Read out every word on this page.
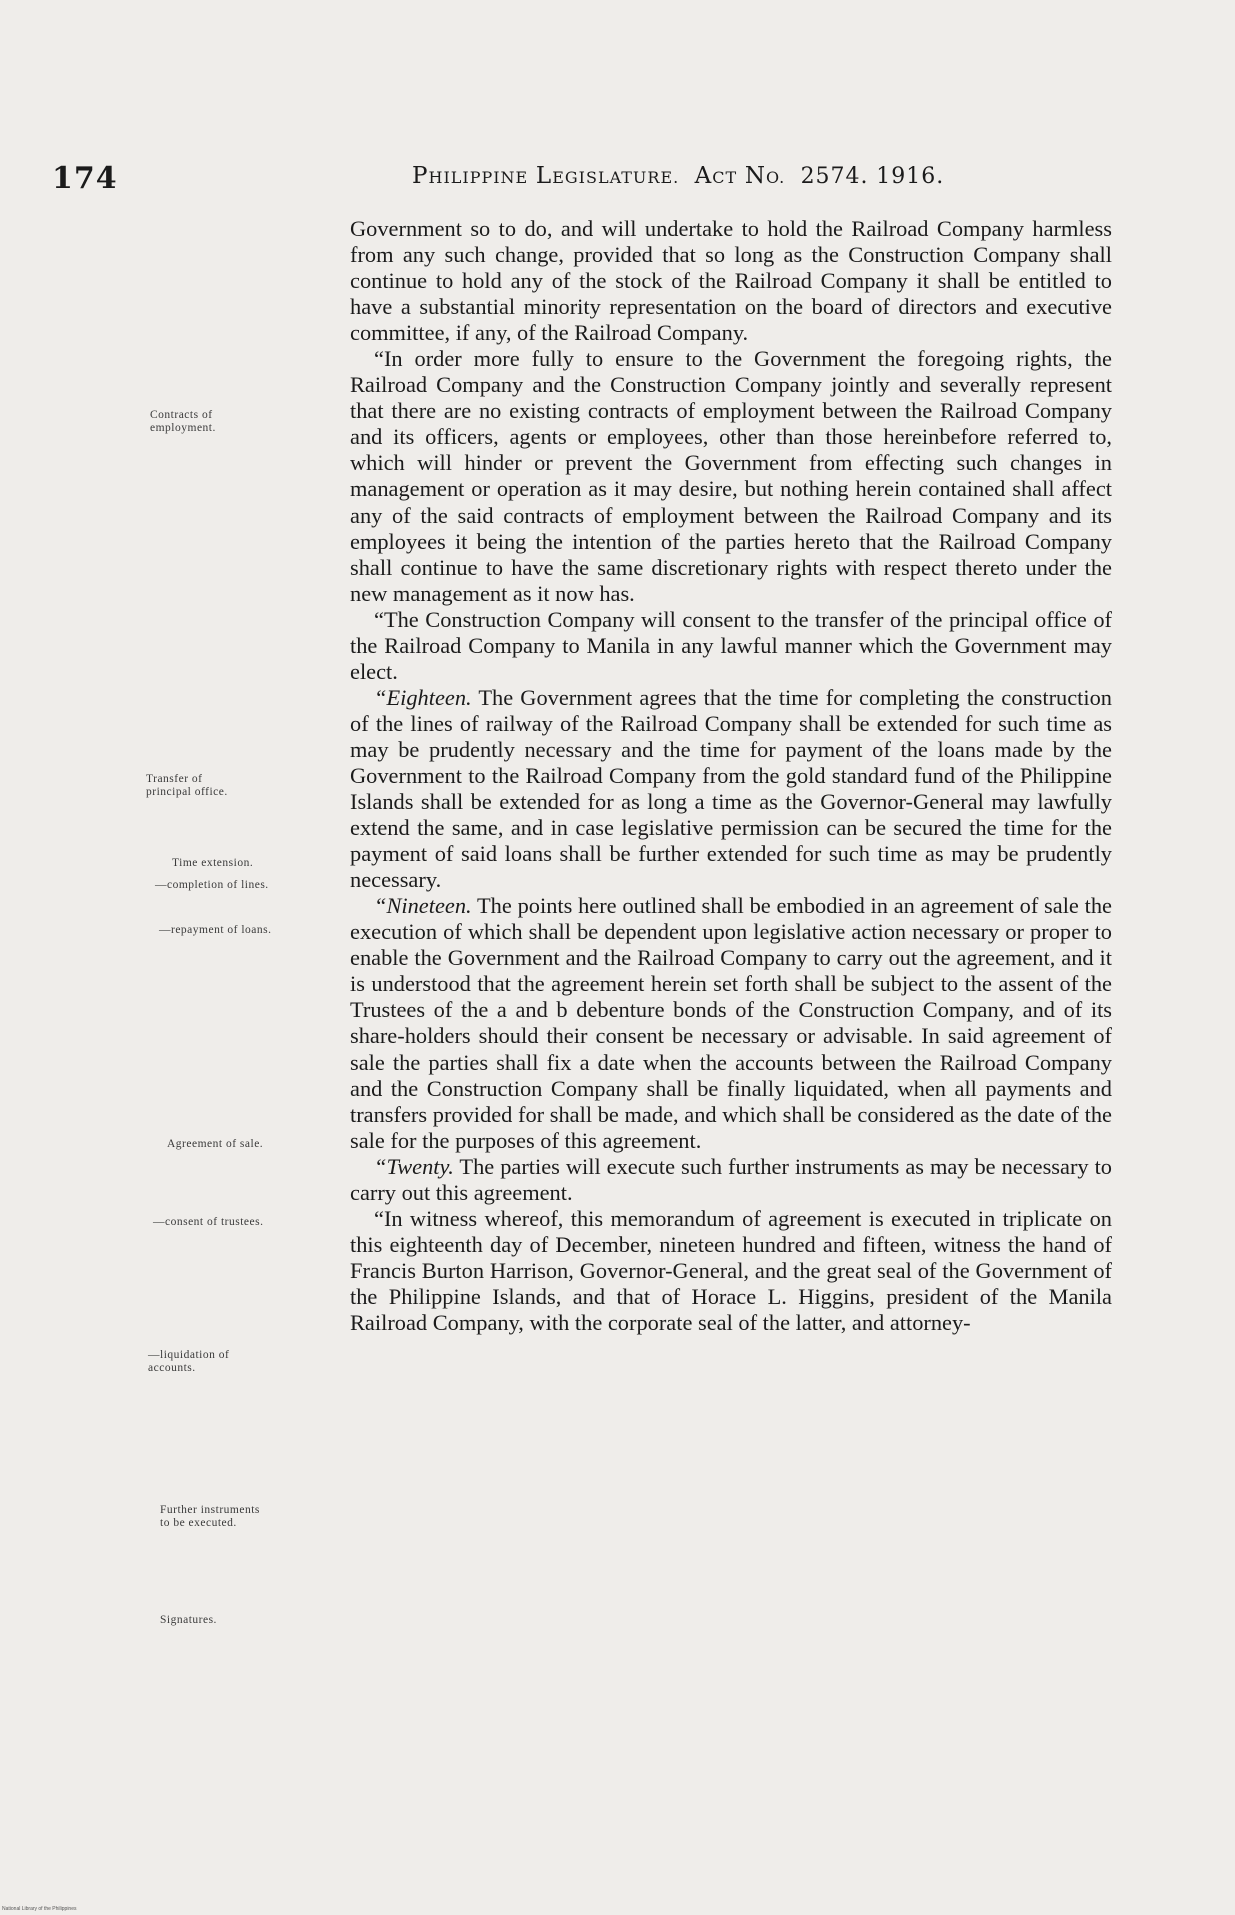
174	PHILIPPINE LEGISLATURE. ACT NO. 2574. 1916.

Government so to do, and will undertake to hold the Railroad Company harmless from any such change, provided that so long as the Construction Company shall continue to hold any of the stock of the Railroad Company it shall be entitled to have a substantial minority representation on the board of directors and executive committee, if any, of the Railroad Company.

“In order more fully to ensure to the Government the foregoing rights, the Railroad Company and the Construction Company jointly and severally represent that there are no existing contracts of employment between the Railroad Company and its officers, agents or employees, other than those hereinbefore referred to, which will hinder or prevent the Government from effecting such changes in management or operation as it may desire, but nothing herein contained shall affect any of the said contracts of employment between the Railroad Company and its employees it being the intention of the parties hereto that the Railroad Company shall continue to have the same discretionary rights with respect thereto under the new management as it now has.

“The Construction Company will consent to the transfer of the principal office of the Railroad Company to Manila in any lawful manner which the Government may elect.

“Eighteen. The Government agrees that the time for completing the construction of the lines of railway of the Railroad Company shall be extended for such time as may be prudently necessary and the time for payment of the loans made by the Government to the Railroad Company from the gold standard fund of the Philippine Islands shall be extended for as long a time as the Governor-General may lawfully extend the same, and in case legislative permission can be secured the time for the payment of said loans shall be further extended for such time as may be prudently necessary.

“Nineteen. The points here outlined shall be embodied in an agreement of sale the execution of which shall be dependent upon legislative action necessary or proper to enable the Government and the Railroad Company to carry out the agreement, and it is understood that the agreement herein set forth shall be subject to the assent of the Trustees of the a and b debenture bonds of the Construction Company, and of its share-holders should their consent be necessary or advisable. In said agreement of sale the parties shall fix a date when the accounts between the Railroad Company and the Construction Company shall be finally liquidated, when all payments and transfers provided for shall be made, and which shall be considered as the date of the sale for the purposes of this agreement.

“Twenty. The parties will execute such further instruments as may be necessary to carry out this agreement.

“In witness whereof, this memorandum of agreement is executed in triplicate on this eighteenth day of December, nineteen hundred and fifteen, witness the hand of Francis Burton Harrison, Governor-General, and the great seal of the Government of the Philippine Islands, and that of Horace L. Higgins, president of the Manila Railroad Company, with the corporate seal of the latter, and attorney-

Contracts of employment.
Transfer of principal office.
Time extension.
—completion of lines.
—repayment of loans.
Agreement of sale.
—consent of trustees.
—liquidation of accounts.
Further instruments to be executed.
Signatures.
National Library of the Philippines
